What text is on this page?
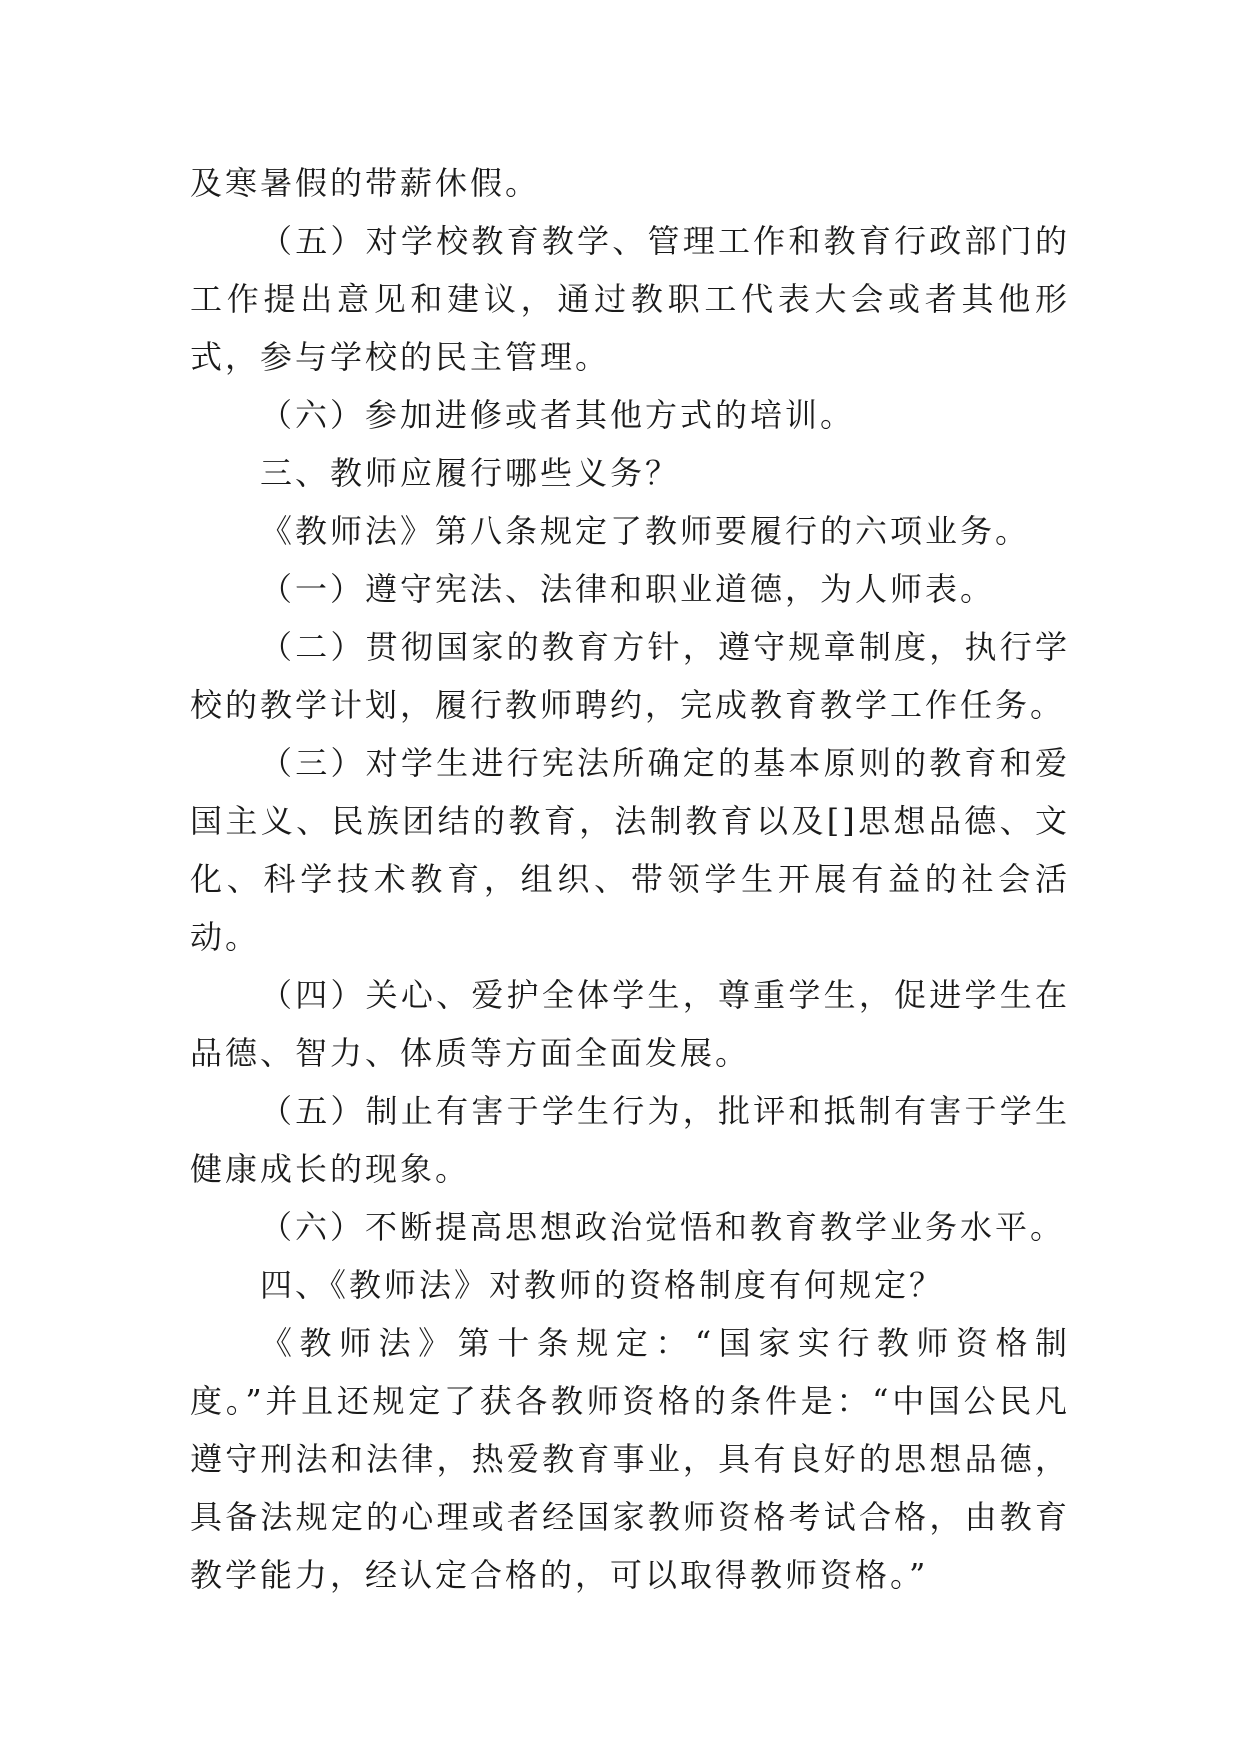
及寒暑假的带薪休假。

（五）对学校教育教学、管理工作和教育行政部门的工作提出意见和建议，通过教职工代表大会或者其他形式，参与学校的民主管理。

（六）参加进修或者其他方式的培训。

三、教师应履行哪些义务？

《教师法》第八条规定了教师要履行的六项业务。

（一）遵守宪法、法律和职业道德，为人师表。

（二）贯彻国家的教育方针，遵守规章制度，执行学校的教学计划，履行教师聘约，完成教育教学工作任务。

（三）对学生进行宪法所确定的基本原则的教育和爱国主义、民族团结的教育，法制教育以及[]思想品德、文化、科学技术教育，组织、带领学生开展有益的社会活动。

（四）关心、爱护全体学生，尊重学生，促进学生在品德、智力、体质等方面全面发展。

（五）制止有害于学生行为，批评和抵制有害于学生健康成长的现象。

（六）不断提高思想政治觉悟和教育教学业务水平。

四、《教师法》对教师的资格制度有何规定？

《教师法》第十条规定：“国家实行教师资格制度。”并且还规定了获各教师资格的条件是：“中国公民凡遵守刑法和法律，热爱教育事业，具有良好的思想品德，具备法规定的心理或者经国家教师资格考试合格，由教育教学能力，经认定合格的，可以取得教师资格。”
